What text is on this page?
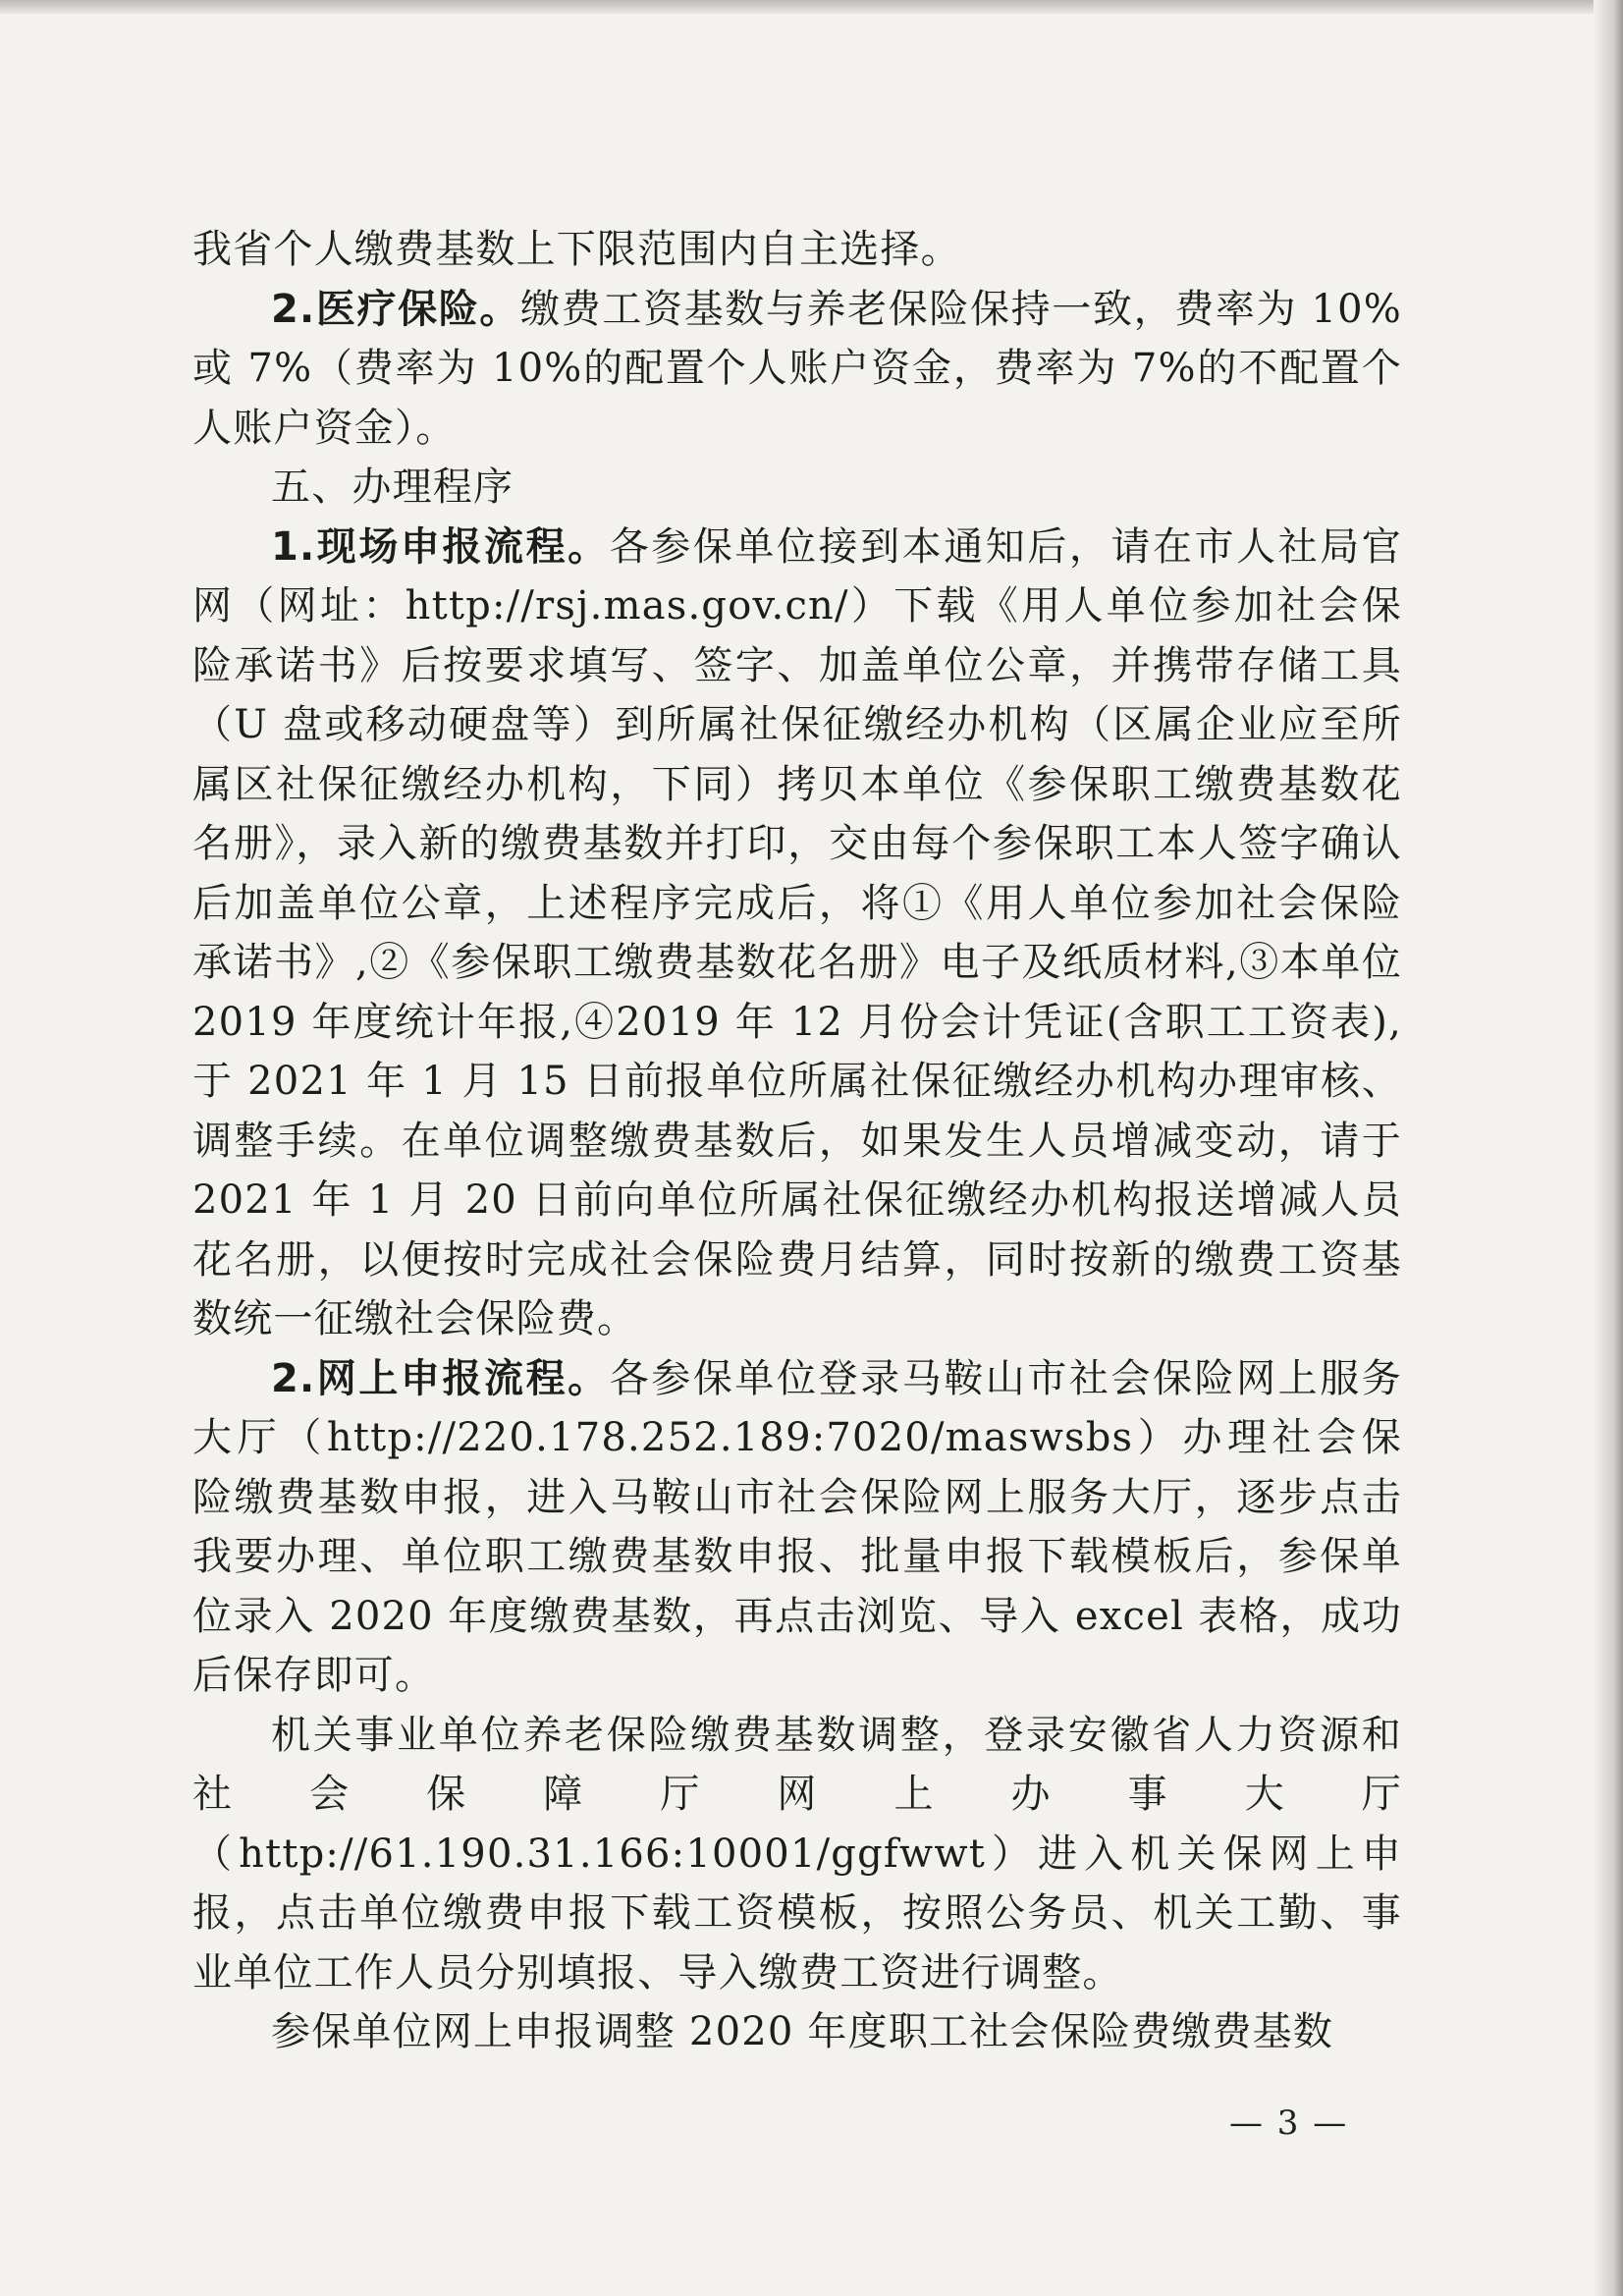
我省个人缴费基数上下限范围内自主选择。

2.医疗保险。缴费工资基数与养老保险保持一致，费率为 10%或 7%（费率为 10%的配置个人账户资金，费率为 7%的不配置个人账户资金）。

五、办理程序

1.现场申报流程。各参保单位接到本通知后，请在市人社局官网（网址：http://rsj.mas.gov.cn/）下载《用人单位参加社会保险承诺书》后按要求填写、签字、加盖单位公章，并携带存储工具（U 盘或移动硬盘等）到所属社保征缴经办机构（区属企业应至所属区社保征缴经办机构，下同）拷贝本单位《参保职工缴费基数花名册》，录入新的缴费基数并打印，交由每个参保职工本人签字确认后加盖单位公章，上述程序完成后，将①《用人单位参加社会保险承诺书》,②《参保职工缴费基数花名册》电子及纸质材料,③本单位 2019 年度统计年报,④2019 年 12 月份会计凭证(含职工工资表),于 2021 年 1 月 15 日前报单位所属社保征缴经办机构办理审核、调整手续。在单位调整缴费基数后，如果发生人员增减变动，请于 2021 年 1 月 20 日前向单位所属社保征缴经办机构报送增减人员花名册，以便按时完成社会保险费月结算，同时按新的缴费工资基数统一征缴社会保险费。

2.网上申报流程。各参保单位登录马鞍山市社会保险网上服务大厅（http://220.178.252.189:7020/maswsbs）办理社会保险缴费基数申报，进入马鞍山市社会保险网上服务大厅，逐步点击我要办理、单位职工缴费基数申报、批量申报下载模板后，参保单位录入 2020 年度缴费基数，再点击浏览、导入 excel 表格，成功后保存即可。

机关事业单位养老保险缴费基数调整，登录安徽省人力资源和社会保障厅网上办事大厅（http://61.190.31.166:10001/ggfwwt）进入机关保网上申报，点击单位缴费申报下载工资模板，按照公务员、机关工勤、事业单位工作人员分别填报、导入缴费工资进行调整。

参保单位网上申报调整 2020 年度职工社会保险费缴费基数

— 3 —
